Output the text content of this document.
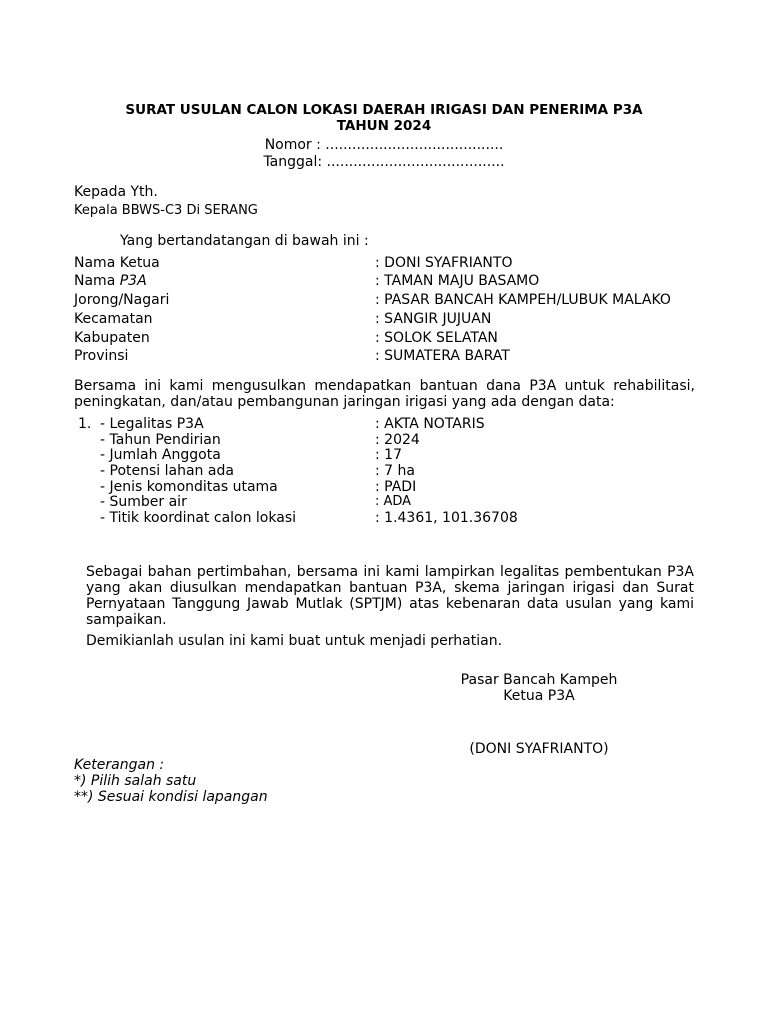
SURAT USULAN CALON LOKASI DAERAH IRIGASI DAN PENERIMA P3A
TAHUN 2024
Nomor : ........................................
Tanggal: ........................................
Kepada Yth.
Kepala BBWS-C3 Di SERANG
Yang bertandatangan di bawah ini :
Nama Ketua	: DONI SYAFRIANTO
Nama P3A	: TAMAN MAJU BASAMO
Jorong/Nagari	: PASAR BANCAH KAMPEH/LUBUK MALAKO
Kecamatan	: SANGIR JUJUAN
Kabupaten	: SOLOK SELATAN
Provinsi	: SUMATERA BARAT
Bersama ini kami mengusulkan mendapatkan bantuan dana P3A untuk rehabilitasi, peningkatan, dan/atau pembangunan jaringan irigasi yang ada dengan data:
1. - Legalitas P3A	: AKTA NOTARIS
- Tahun Pendirian	: 2024
- Jumlah Anggota	: 17
- Potensi lahan ada	: 7 ha
- Jenis komonditas utama	: PADI
- Sumber air	: ADA
- Titik koordinat calon lokasi	: 1.4361, 101.36708
Sebagai bahan pertimbahan, bersama ini kami lampirkan legalitas pembentukan P3A yang akan diusulkan mendapatkan bantuan P3A, skema jaringan irigasi dan Surat Pernyataan Tanggung Jawab Mutlak (SPTJM) atas kebenaran data usulan yang kami sampaikan.
Demikianlah usulan ini kami buat untuk menjadi perhatian.
Pasar Bancah Kampeh
Ketua P3A
(DONI SYAFRIANTO)
Keterangan :
*) Pilih salah satu
**) Sesuai kondisi lapangan
